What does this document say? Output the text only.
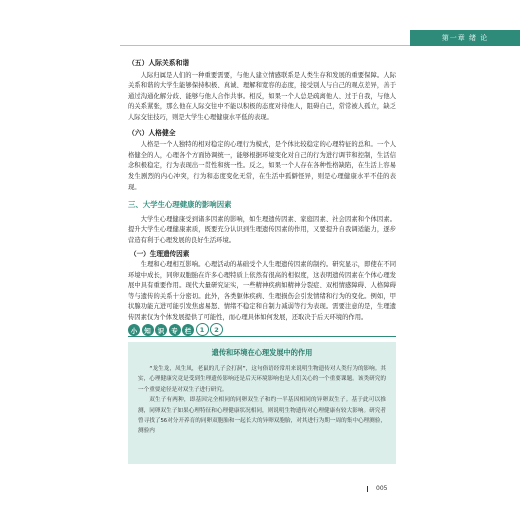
第一章 绪 论
（五）人际关系和谐

人际归属是人们的一种重要需要，与他人建立情感联系是人类生存和发展的重要保障。人际关系和谐的大学生能够保持积极、真诚、理解和宽容的态度，接受别人与自己的观点差异，善于通过沟通化解分歧、能够与他人合作共事。相反，如果一个人总是疏离他人、过于自我，与他人的关系紧张，那么他在人际交往中不能以积极的态度对待他人，阻碍自己，常常被人孤立，缺乏人际交往技巧，则是大学生心理健康水平低的表现。

（六）人格健全

人格是一个人独特的相对稳定的心理行为模式，是个体比较稳定的心理特征的总和。一个人格健全的人，心理各个方面协调统一，能够根据环境变化对自己的行为进行调节和控制，生活信念积极稳定，行为表现出一贯性和统一性。反之，如果一个人存在各种性格缺陷，在生活上容易发生剧烈的内心冲突，行为和态度变化无常，在生活中孤僻怪异，则是心理健康水平不佳的表现。

三、大学生心理健康的影响因素

大学生心理健康受到诸多因素的影响，如生理遗传因素、家庭因素、社会因素和个体因素。提升大学生心理健康素质，既要充分认识到生理遗传因素的作用，又要提升自我调适能力，逐步营造有利于心理发展的良好生活环境。

（一）生理遗传因素

生理和心理相互影响。心理活动的基础受个人生理遗传因素的制约。研究显示，即使在不同环境中成长，同卵双胞胎在许多心理特质上依然有很高的相似度，这表明遗传因素在个体心理发展中具有重要作用。现代大量研究证实，一些精神疾病如精神分裂症、双相情感障碍、人格障碍等与遗传的关系十分密切。此外，各类躯体疾病、生理损伤会引发情绪和行为的变化。例如，甲状腺功能亢进可能引发焦虑易怒、情绪不稳定和自制力减弱等行为表现。需要注意的是，生理遗传因素仅为个体发展提供了可能性，而心理具体如何发展，还取决于后天环境的作用。

小	知	识	专	栏	1	2
遗传和环境在心理发展中的作用

“龙生龙，凤生凤，老鼠的儿子会打洞”，这句俗语经常用来说明生物遗传对人类行为的影响。其实，心理健康究竟是受到生理遗传影响还是后天环境影响也是人们关心的一个重要课题。该类研究的一个重要途径是对双生子进行研究。

双生子有两种，即基因完全相同的同卵双生子和约一半基因相同的异卵双生子。基于此可以推测，同卵双生子如果心理特征和心理健康状况相同，则说明生物遗传对心理健康有较大影响。研究者曾寻找了56对分开养育的同卵双胞胎和一起长大的异卵双胞胎，对其进行为期一周的集中心理测验，测验内

005
